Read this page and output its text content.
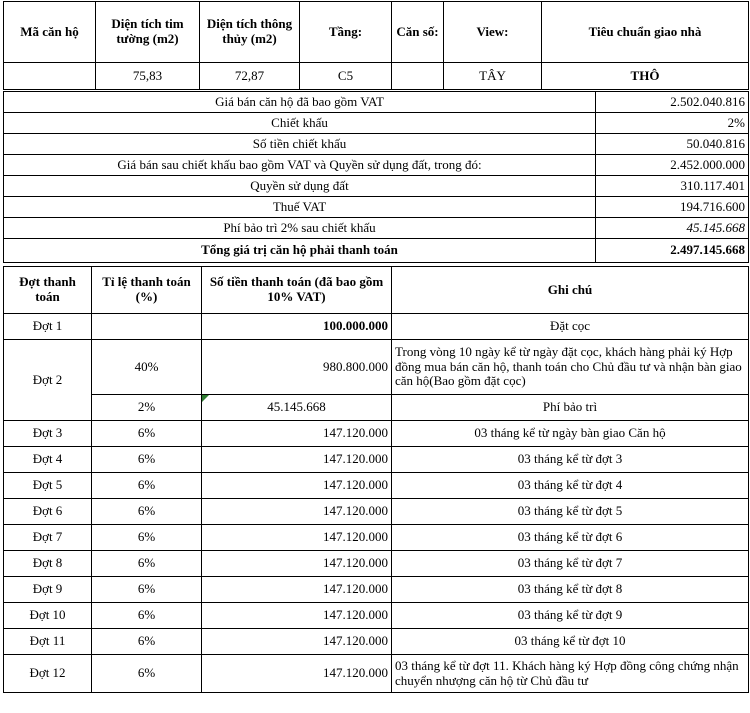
Mã căn hộ	Diện tích tim tường (m2)	Diện tích thông thủy (m2)	Tầng:	Căn số:	View:	Tiêu chuẩn giao nhà
	75,83	72,87	C5		TÂY	THÔ
Giá bán căn hộ đã bao gồm VAT	2.502.040.816
Chiết khấu	2%
Số tiền chiết khấu	50.040.816
Giá bán sau chiết khấu bao gồm VAT và Quyền sử dụng đất, trong đó:	2.452.000.000
Quyền sử dụng đất	310.117.401
Thuế VAT	194.716.600
Phí bảo trì 2% sau chiết khấu	45.145.668
Tổng giá trị căn hộ phải thanh toán	2.497.145.668
Đợt thanh toán	Tỉ lệ thanh toán (%)	Số tiền thanh toán (đã bao gồm 10% VAT)	Ghi chú
Đợt 1		100.000.000	Đặt cọc
Đợt 2	40%	980.800.000	Trong vòng 10 ngày kể từ ngày đặt cọc, khách hàng phải ký Hợp đồng mua bán căn hộ, thanh toán cho Chủ đầu tư và nhận bàn giao căn hộ(Bao gồm đặt cọc)
	2%	45.145.668	Phí bảo trì
Đợt 3	6%	147.120.000	03 tháng kể từ ngày bàn giao Căn hộ
Đợt 4	6%	147.120.000	03 tháng kể từ đợt 3
Đợt 5	6%	147.120.000	03 tháng kể từ đợt 4
Đợt 6	6%	147.120.000	03 tháng kể từ đợt 5
Đợt 7	6%	147.120.000	03 tháng kể từ đợt 6
Đợt 8	6%	147.120.000	03 tháng kể từ đợt 7
Đợt 9	6%	147.120.000	03 tháng kể từ đợt 8
Đợt 10	6%	147.120.000	03 tháng kể từ đợt 9
Đợt 11	6%	147.120.000	03 tháng kể từ đợt 10
Đợt 12	6%	147.120.000	03 tháng kể từ đợt 11. Khách hàng ký Hợp đồng công chứng nhận chuyển nhượng căn hộ từ Chủ đầu tư
